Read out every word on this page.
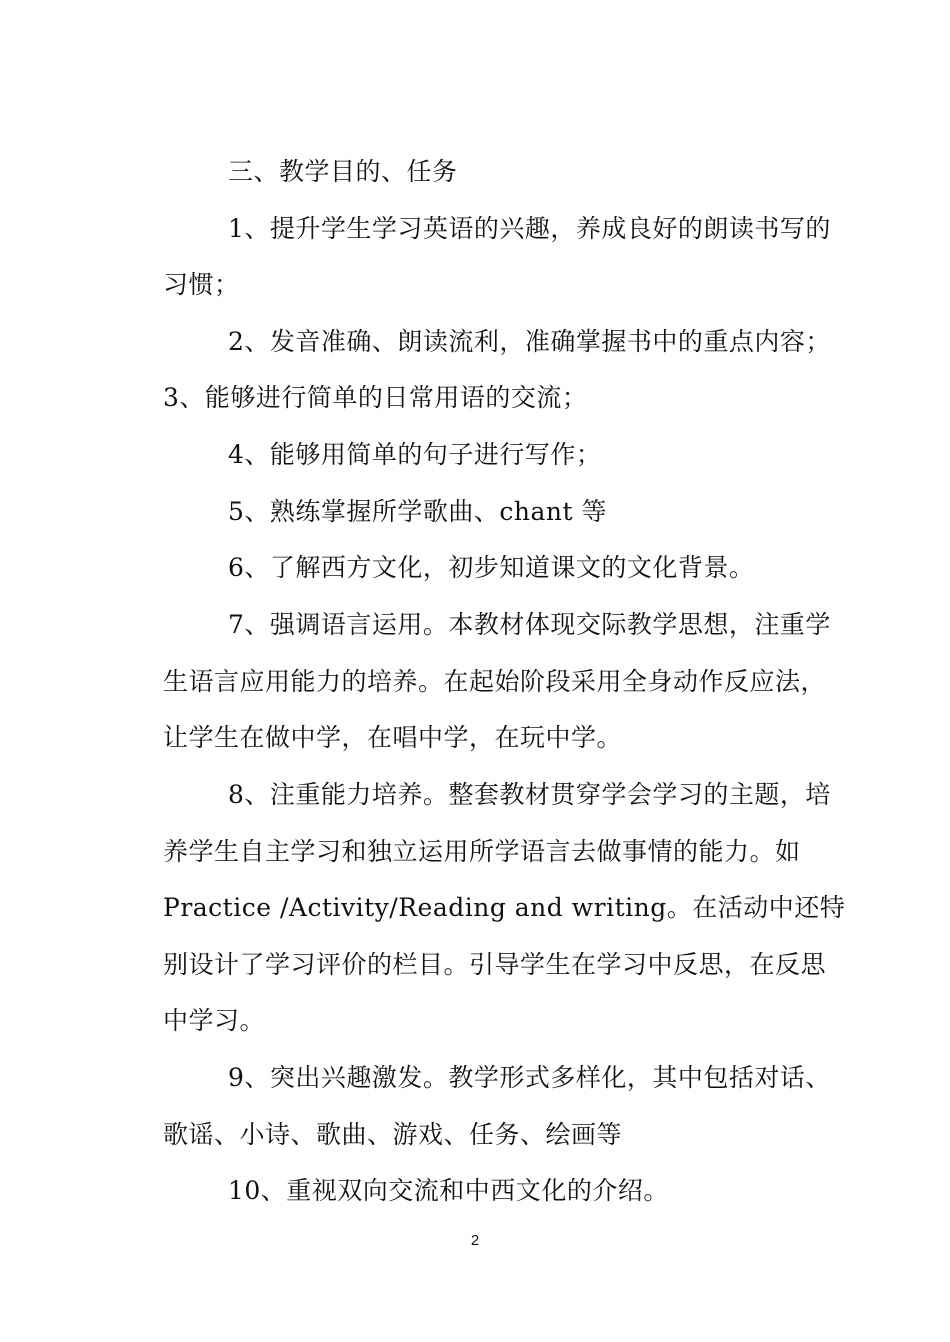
三、教学目的、任务
1、提升学生学习英语的兴趣，养成良好的朗读书写的
习惯；
2、发音准确、朗读流利，准确掌握书中的重点内容；
3、能够进行简单的日常用语的交流；
4、能够用简单的句子进行写作；
5、熟练掌握所学歌曲、chant 等
6、了解西方文化，初步知道课文的文化背景。
7、强调语言运用。本教材体现交际教学思想，注重学
生语言应用能力的培养。在起始阶段采用全身动作反应法，
让学生在做中学，在唱中学，在玩中学。
8、注重能力培养。整套教材贯穿学会学习的主题，培
养学生自主学习和独立运用所学语言去做事情的能力。如
Practice /Activity/Reading and writing。在活动中还特
别设计了学习评价的栏目。引导学生在学习中反思，在反思
中学习。
9、突出兴趣激发。教学形式多样化，其中包括对话、
歌谣、小诗、歌曲、游戏、任务、绘画等
10、重视双向交流和中西文化的介绍。
2
